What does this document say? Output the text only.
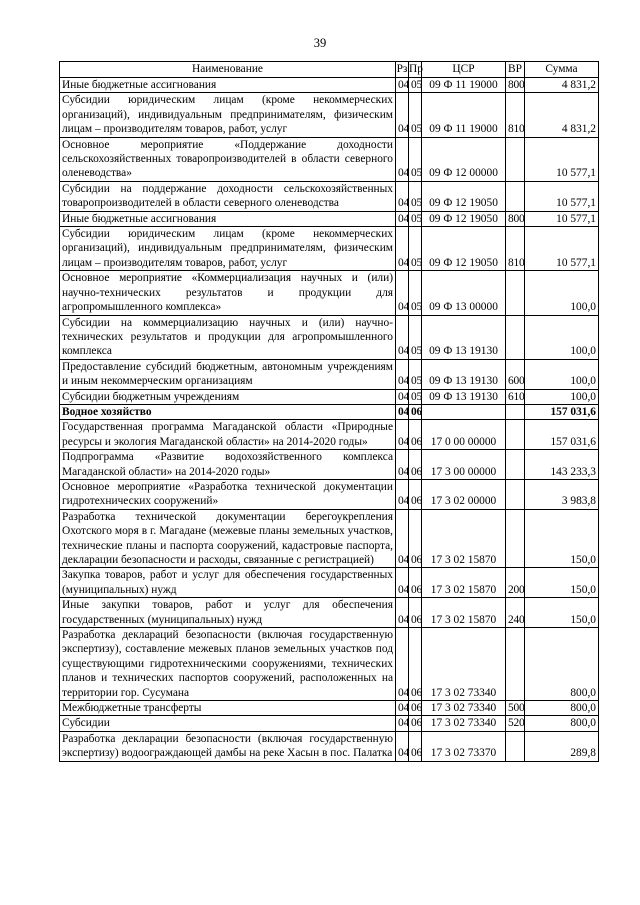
39
Наименование	Рз	Пр	ЦСР	ВР	Сумма
Иные бюджетные ассигнования	04	05	09 Ф 11 19000	800	4 831,2
Субсидии юридическим лицам (кроме некоммерческих организаций), индивидуальным предпринимателям, физическим лицам – производителям товаров, работ, услуг	04	05	09 Ф 11 19000	810	4 831,2
Основное мероприятие «Поддержание доходности сельскохозяйственных товаропроизводителей в области северного оленеводства»	04	05	09 Ф 12 00000		10 577,1
Субсидии на поддержание доходности сельскохозяйственных товаропроизводителей в области северного оленеводства	04	05	09 Ф 12 19050		10 577,1
Иные бюджетные ассигнования	04	05	09 Ф 12 19050	800	10 577,1
Субсидии юридическим лицам (кроме некоммерческих организаций), индивидуальным предпринимателям, физическим лицам – производителям товаров, работ, услуг	04	05	09 Ф 12 19050	810	10 577,1
Основное мероприятие «Коммерциализация научных и (или) научно-технических результатов и продукции для агропромышленного комплекса»	04	05	09 Ф 13 00000		100,0
Субсидии на коммерциализацию научных и (или) научно-технических результатов и продукции для агропромышленного комплекса	04	05	09 Ф 13 19130		100,0
Предоставление субсидий бюджетным, автономным учреждениям и иным некоммерческим организациям	04	05	09 Ф 13 19130	600	100,0
Субсидии бюджетным учреждениям	04	05	09 Ф 13 19130	610	100,0
Водное хозяйство	04	06			157 031,6
Государственная программа Магаданской области «Природные ресурсы и экология Магаданской области» на 2014-2020 годы»	04	06	17 0 00 00000		157 031,6
Подпрограмма «Развитие водохозяйственного комплекса Магаданской области» на 2014-2020 годы»	04	06	17 3 00 00000		143 233,3
Основное мероприятие «Разработка технической документации гидротехнических сооружений»	04	06	17 3 02 00000		3 983,8
Разработка технической документации берегоукрепления Охотского моря в г. Магадане (межевые планы земельных участков, технические планы и паспорта сооружений, кадастровые паспорта, декларации безопасности и расходы, связанные с регистрацией)	04	06	17 3 02 15870		150,0
Закупка товаров, работ и услуг для обеспечения государственных (муниципальных) нужд	04	06	17 3 02 15870	200	150,0
Иные закупки товаров, работ и услуг для обеспечения государственных (муниципальных) нужд	04	06	17 3 02 15870	240	150,0
Разработка деклараций безопасности (включая государственную экспертизу), составление межевых планов земельных участков под существующими гидротехническими сооружениями, технических планов и технических паспортов сооружений, расположенных на территории гор. Сусумана	04	06	17 3 02 73340		800,0
Межбюджетные трансферты	04	06	17 3 02 73340	500	800,0
Субсидии	04	06	17 3 02 73340	520	800,0
Разработка декларации безопасности (включая государственную экспертизу) водоограждающей дамбы на реке Хасын в пос. Палатка	04	06	17 3 02 73370		289,8
